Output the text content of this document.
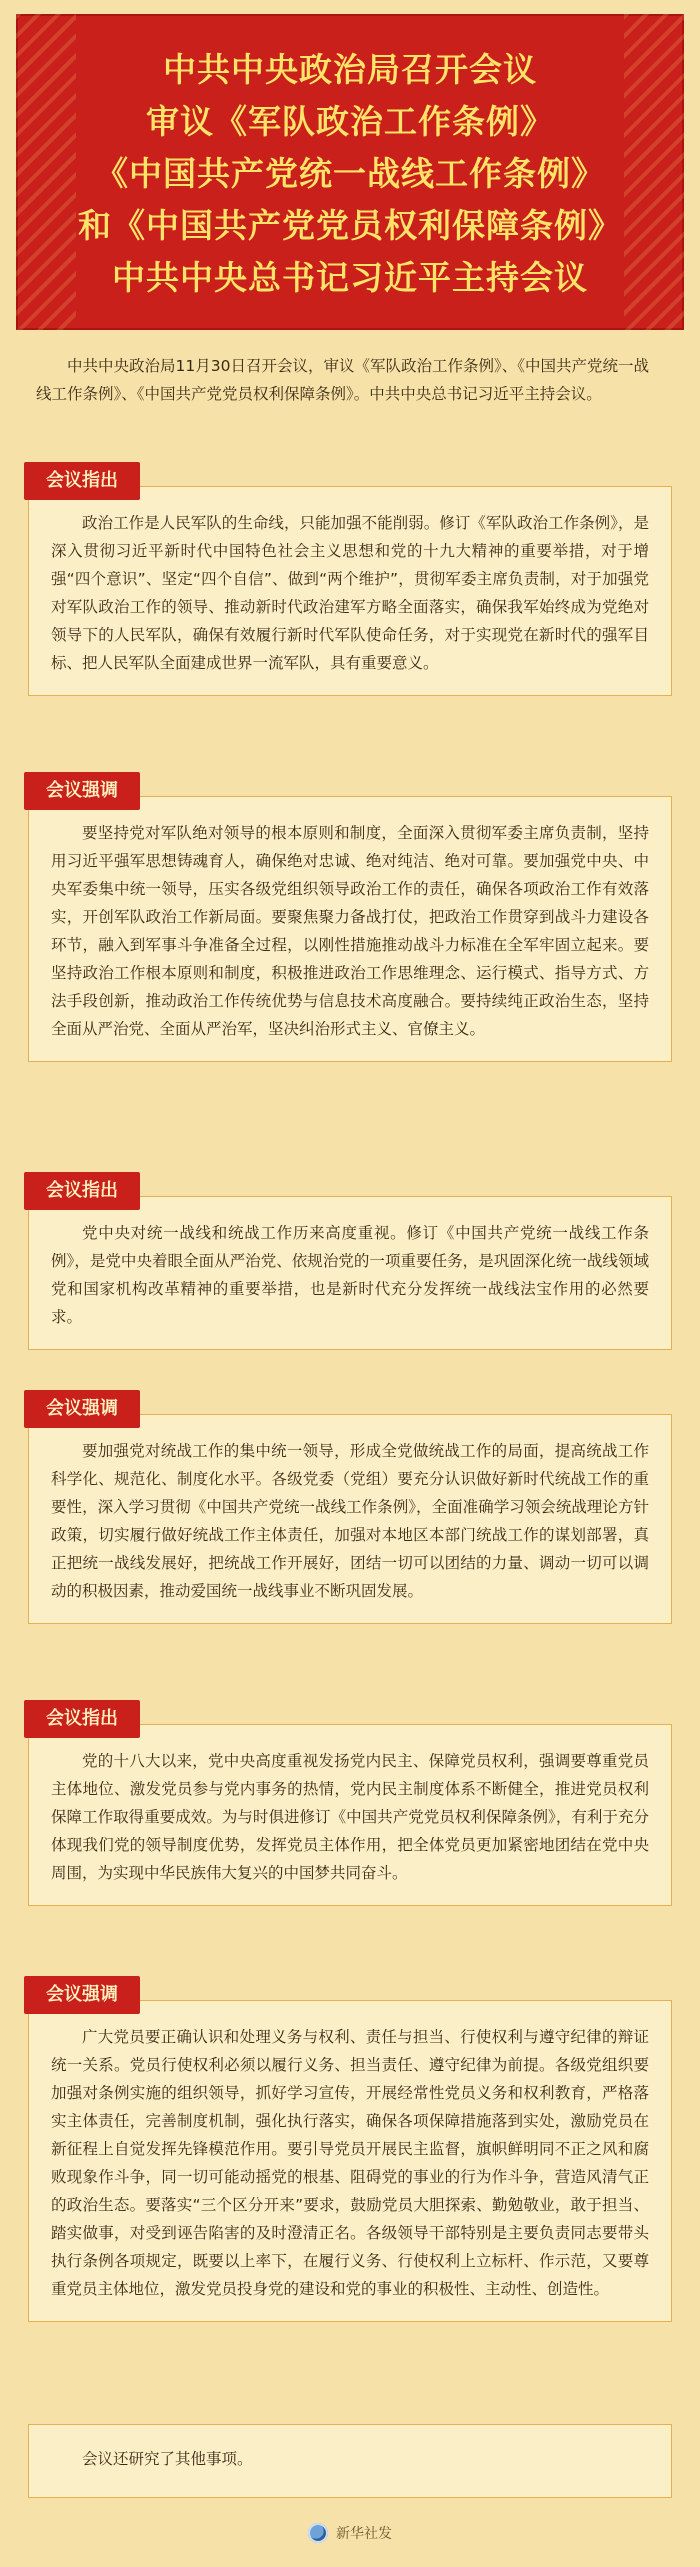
中共中央政治局召开会议
审议《军队政治工作条例》
《中国共产党统一战线工作条例》
和《中国共产党党员权利保障条例》
中共中央总书记习近平主持会议

中共中央政治局11月30日召开会议，审议《军队政治工作条例》、《中国共产党统一战线工作条例》、《中国共产党党员权利保障条例》。中共中央总书记习近平主持会议。

政治工作是人民军队的生命线，只能加强不能削弱。修订《军队政治工作条例》，是深入贯彻习近平新时代中国特色社会主义思想和党的十九大精神的重要举措，对于增强“四个意识”、坚定“四个自信”、做到“两个维护”，贯彻军委主席负责制，对于加强党对军队政治工作的领导、推动新时代政治建军方略全面落实，确保我军始终成为党绝对领导下的人民军队，确保有效履行新时代军队使命任务，对于实现党在新时代的强军目标、把人民军队全面建成世界一流军队，具有重要意义。

会议指出

要坚持党对军队绝对领导的根本原则和制度，全面深入贯彻军委主席负责制，坚持用习近平强军思想铸魂育人，确保绝对忠诚、绝对纯洁、绝对可靠。要加强党中央、中央军委集中统一领导，压实各级党组织领导政治工作的责任，确保各项政治工作有效落实，开创军队政治工作新局面。要聚焦聚力备战打仗，把政治工作贯穿到战斗力建设各环节，融入到军事斗争准备全过程，以刚性措施推动战斗力标准在全军牢固立起来。要坚持政治工作根本原则和制度，积极推进政治工作思维理念、运行模式、指导方式、方法手段创新，推动政治工作传统优势与信息技术高度融合。要持续纯正政治生态，坚持全面从严治党、全面从严治军，坚决纠治形式主义、官僚主义。

会议强调

党中央对统一战线和统战工作历来高度重视。修订《中国共产党统一战线工作条例》，是党中央着眼全面从严治党、依规治党的一项重要任务，是巩固深化统一战线领域党和国家机构改革精神的重要举措，也是新时代充分发挥统一战线法宝作用的必然要求。

会议指出

要加强党对统战工作的集中统一领导，形成全党做统战工作的局面，提高统战工作科学化、规范化、制度化水平。各级党委（党组）要充分认识做好新时代统战工作的重要性，深入学习贯彻《中国共产党统一战线工作条例》，全面准确学习领会统战理论方针政策，切实履行做好统战工作主体责任，加强对本地区本部门统战工作的谋划部署，真正把统一战线发展好，把统战工作开展好，团结一切可以团结的力量、调动一切可以调动的积极因素，推动爱国统一战线事业不断巩固发展。

会议强调

党的十八大以来，党中央高度重视发扬党内民主、保障党员权利，强调要尊重党员主体地位、激发党员参与党内事务的热情，党内民主制度体系不断健全，推进党员权利保障工作取得重要成效。为与时俱进修订《中国共产党党员权利保障条例》，有利于充分体现我们党的领导制度优势，发挥党员主体作用，把全体党员更加紧密地团结在党中央周围，为实现中华民族伟大复兴的中国梦共同奋斗。

会议指出

广大党员要正确认识和处理义务与权利、责任与担当、行使权利与遵守纪律的辩证统一关系。党员行使权利必须以履行义务、担当责任、遵守纪律为前提。各级党组织要加强对条例实施的组织领导，抓好学习宣传，开展经常性党员义务和权利教育，严格落实主体责任，完善制度机制，强化执行落实，确保各项保障措施落到实处，激励党员在新征程上自觉发挥先锋模范作用。要引导党员开展民主监督，旗帜鲜明同不正之风和腐败现象作斗争，同一切可能动摇党的根基、阻碍党的事业的行为作斗争，营造风清气正的政治生态。要落实“三个区分开来”要求，鼓励党员大胆探索、勤勉敬业，敢于担当、踏实做事，对受到诬告陷害的及时澄清正名。各级领导干部特别是主要负责同志要带头执行条例各项规定，既要以上率下，在履行义务、行使权利上立标杆、作示范，又要尊重党员主体地位，激发党员投身党的建设和党的事业的积极性、主动性、创造性。

会议强调

会议还研究了其他事项。

新华社发
